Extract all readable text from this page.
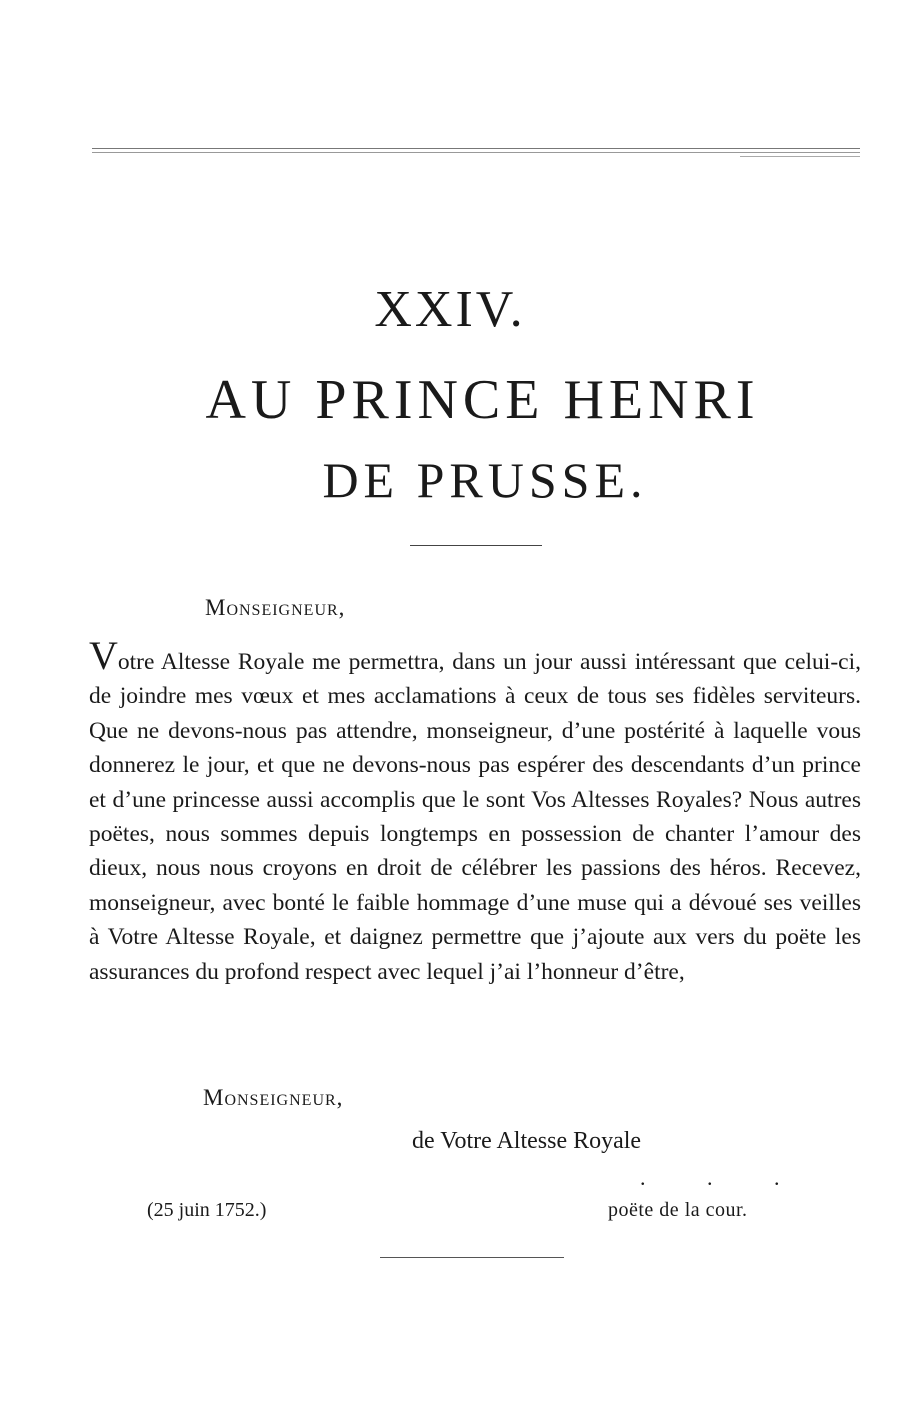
XXIV.
AU PRINCE HENRI
DE PRUSSE.
Monseigneur,
Votre Altesse Royale me permettra, dans un jour aussi intéressant que celui-ci, de joindre mes vœux et mes acclamations à ceux de tous ses fidèles serviteurs. Que ne devons-nous pas attendre, monseigneur, d’une postérité à laquelle vous donnerez le jour, et que ne devons-nous pas espérer des descendants d’un prince et d’une princesse aussi accomplis que le sont Vos Altesses Royales? Nous autres poëtes, nous sommes depuis longtemps en possession de chanter l’amour des dieux, nous nous croyons en droit de célébrer les passions des héros. Recevez, monseigneur, avec bonté le faible hommage d’une muse qui a dévoué ses veilles à Votre Altesse Royale, et daignez permettre que j’ajoute aux vers du poëte les assurances du profond respect avec lequel j’ai l’honneur d’être,
Monseigneur,
de Votre Altesse Royale
. . .
(25 juin 1752.)	poëte de la cour.
